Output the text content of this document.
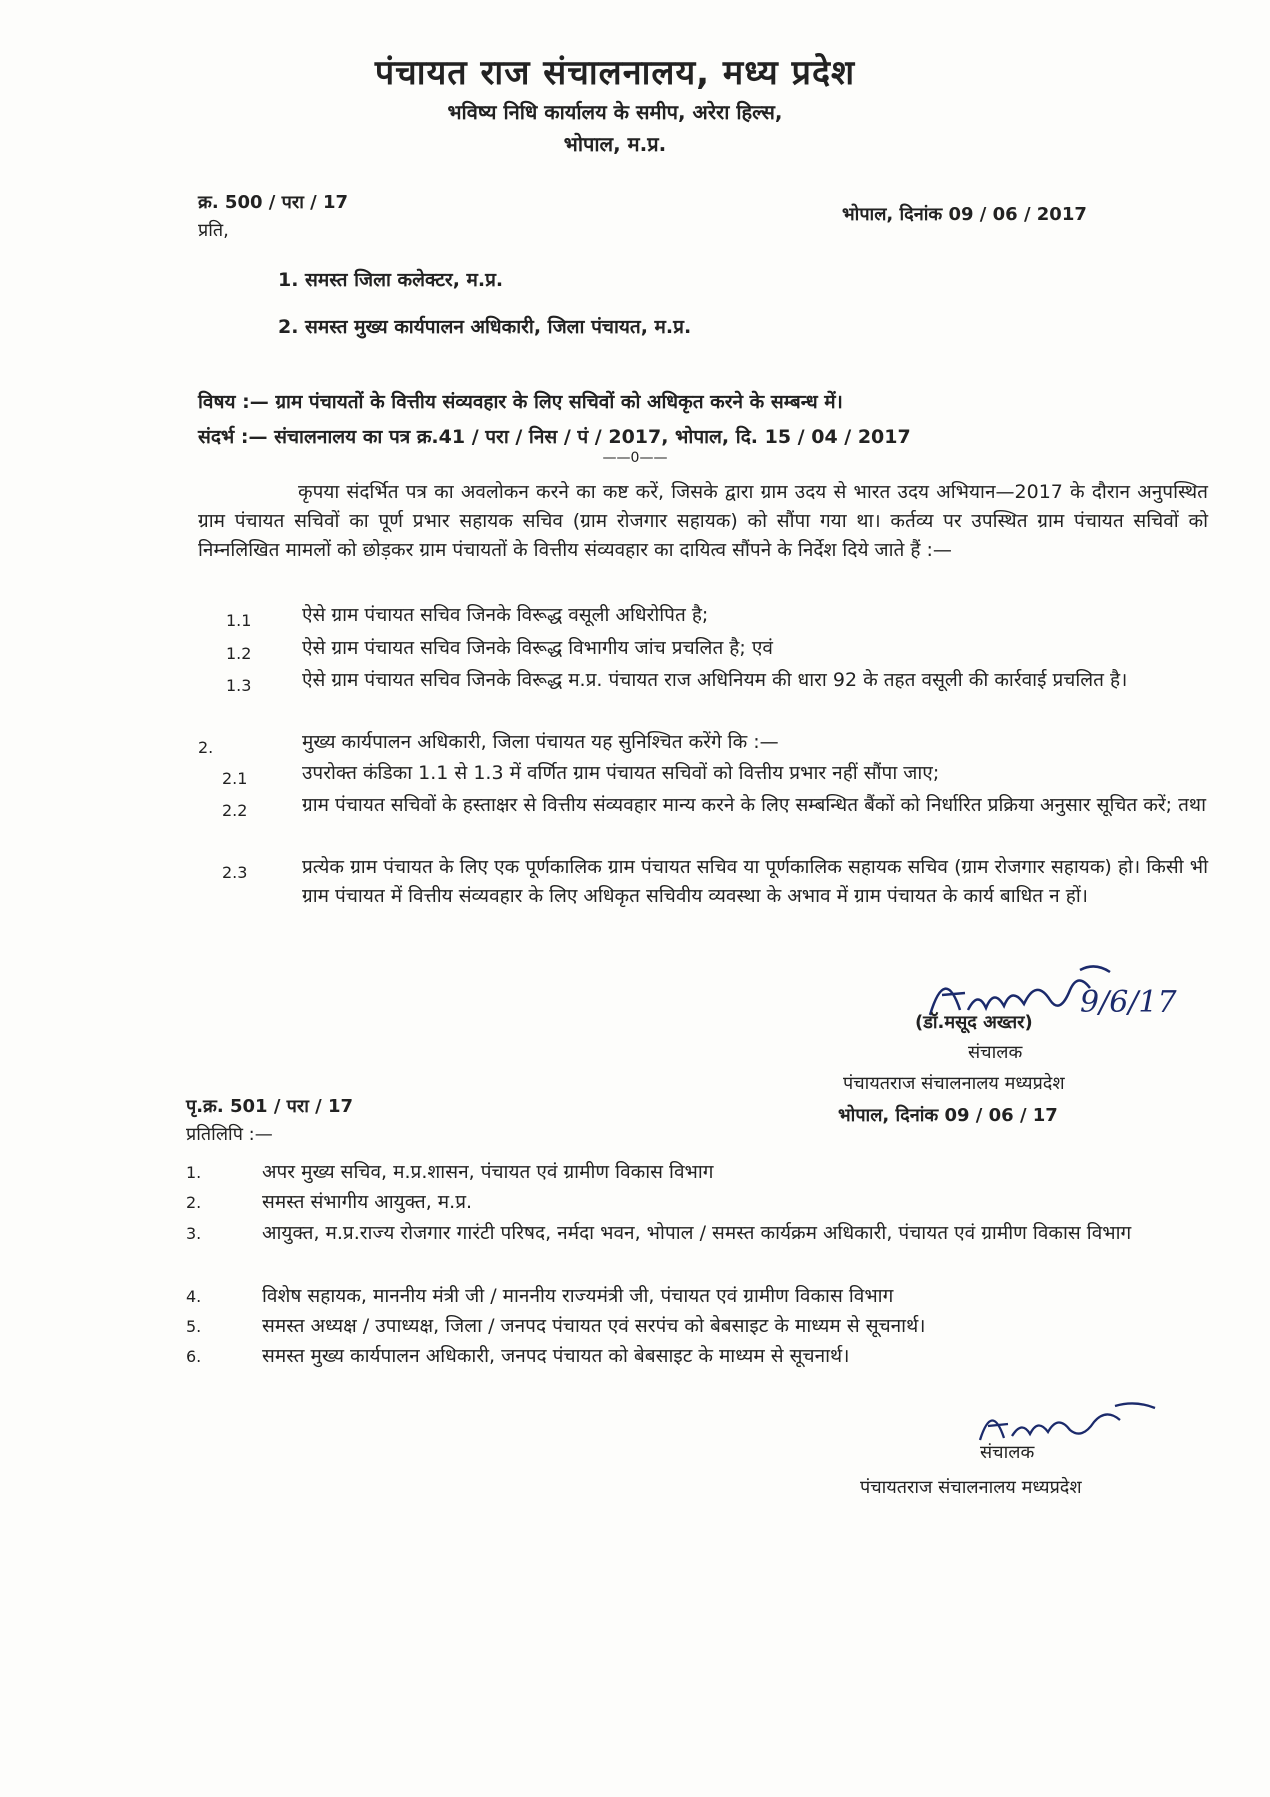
पंचायत राज संचालनालय, मध्य प्रदेश
भविष्य निधि कार्यालय के समीप, अरेरा हिल्स,
भोपाल, म.प्र.
क्र. 500 / परा / 17
प्रति,
भोपाल, दिनांक 09 / 06 / 2017
1. समस्त जिला कलेक्टर, म.प्र.
2. समस्त मुख्य कार्यपालन अधिकारी, जिला पंचायत, म.प्र.
विषय :— ग्राम पंचायतों के वित्तीय संव्यवहार के लिए सचिवों को अधिकृत करने के सम्बन्ध में।
संदर्भ :— संचालनालय का पत्र क्र.41 / परा / निस / पं / 2017, भोपाल, दि. 15 / 04 / 2017
——0——

कृपया संदर्भित पत्र का अवलोकन करने का कष्ट करें, जिसके द्वारा ग्राम उदय से भारत उदय अभियान—2017 के दौरान अनुपस्थित ग्राम पंचायत सचिवों का पूर्ण प्रभार सहायक सचिव (ग्राम रोजगार सहायक) को सौंपा गया था। कर्तव्य पर उपस्थित ग्राम पंचायत सचिवों को निम्नलिखित मामलों को छोड़कर ग्राम पंचायतों के वित्तीय संव्यवहार का दायित्व सौंपने के निर्देश दिये जाते हैं :—

1.1	ऐसे ग्राम पंचायत सचिव जिनके विरूद्ध वसूली अधिरोपित है;
1.2	ऐसे ग्राम पंचायत सचिव जिनके विरूद्ध विभागीय जांच प्रचलित है; एवं
1.3	ऐसे ग्राम पंचायत सचिव जिनके विरूद्ध म.प्र. पंचायत राज अधिनियम की धारा 92 के तहत वसूली की कार्रवाई प्रचलित है।
2.	मुख्य कार्यपालन अधिकारी, जिला पंचायत यह सुनिश्चित करेंगे कि :—
2.1	उपरोक्त कंडिका 1.1 से 1.3 में वर्णित ग्राम पंचायत सचिवों को वित्तीय प्रभार नहीं सौंपा जाए;
2.2	ग्राम पंचायत सचिवों के हस्ताक्षर से वित्तीय संव्यवहार मान्य करने के लिए सम्बन्धित बैंकों को निर्धारित प्रक्रिया अनुसार सूचित करें; तथा
2.3	प्रत्येक ग्राम पंचायत के लिए एक पूर्णकालिक ग्राम पंचायत सचिव या पूर्णकालिक सहायक सचिव (ग्राम रोजगार सहायक) हो। किसी भी ग्राम पंचायत में वित्तीय संव्यवहार के लिए अधिकृत सचिवीय व्यवस्था के अभाव में ग्राम पंचायत के कार्य बाधित न हों।
9/6/17
(डॉ.मसूद अख्तर)
संचालक
पंचायतराज संचालनालय मध्यप्रदेश
पृ.क्र. 501 / परा / 17	भोपाल, दिनांक 09 / 06 / 17
प्रतिलिपि :—
1.	अपर मुख्य सचिव, म.प्र.शासन, पंचायत एवं ग्रामीण विकास विभाग
2.	समस्त संभागीय आयुक्त, म.प्र.
3.	आयुक्त, म.प्र.राज्य रोजगार गारंटी परिषद, नर्मदा भवन, भोपाल / समस्त कार्यक्रम अधिकारी, पंचायत एवं ग्रामीण विकास विभाग
4.	विशेष सहायक, माननीय मंत्री जी / माननीय राज्यमंत्री जी, पंचायत एवं ग्रामीण विकास विभाग
5.	समस्त अध्यक्ष / उपाध्यक्ष, जिला / जनपद पंचायत एवं सरपंच को बेबसाइट के माध्यम से सूचनार्थ।
6.	समस्त मुख्य कार्यपालन अधिकारी, जनपद पंचायत को बेबसाइट के माध्यम से सूचनार्थ।
संचालक
पंचायतराज संचालनालय मध्यप्रदेश
